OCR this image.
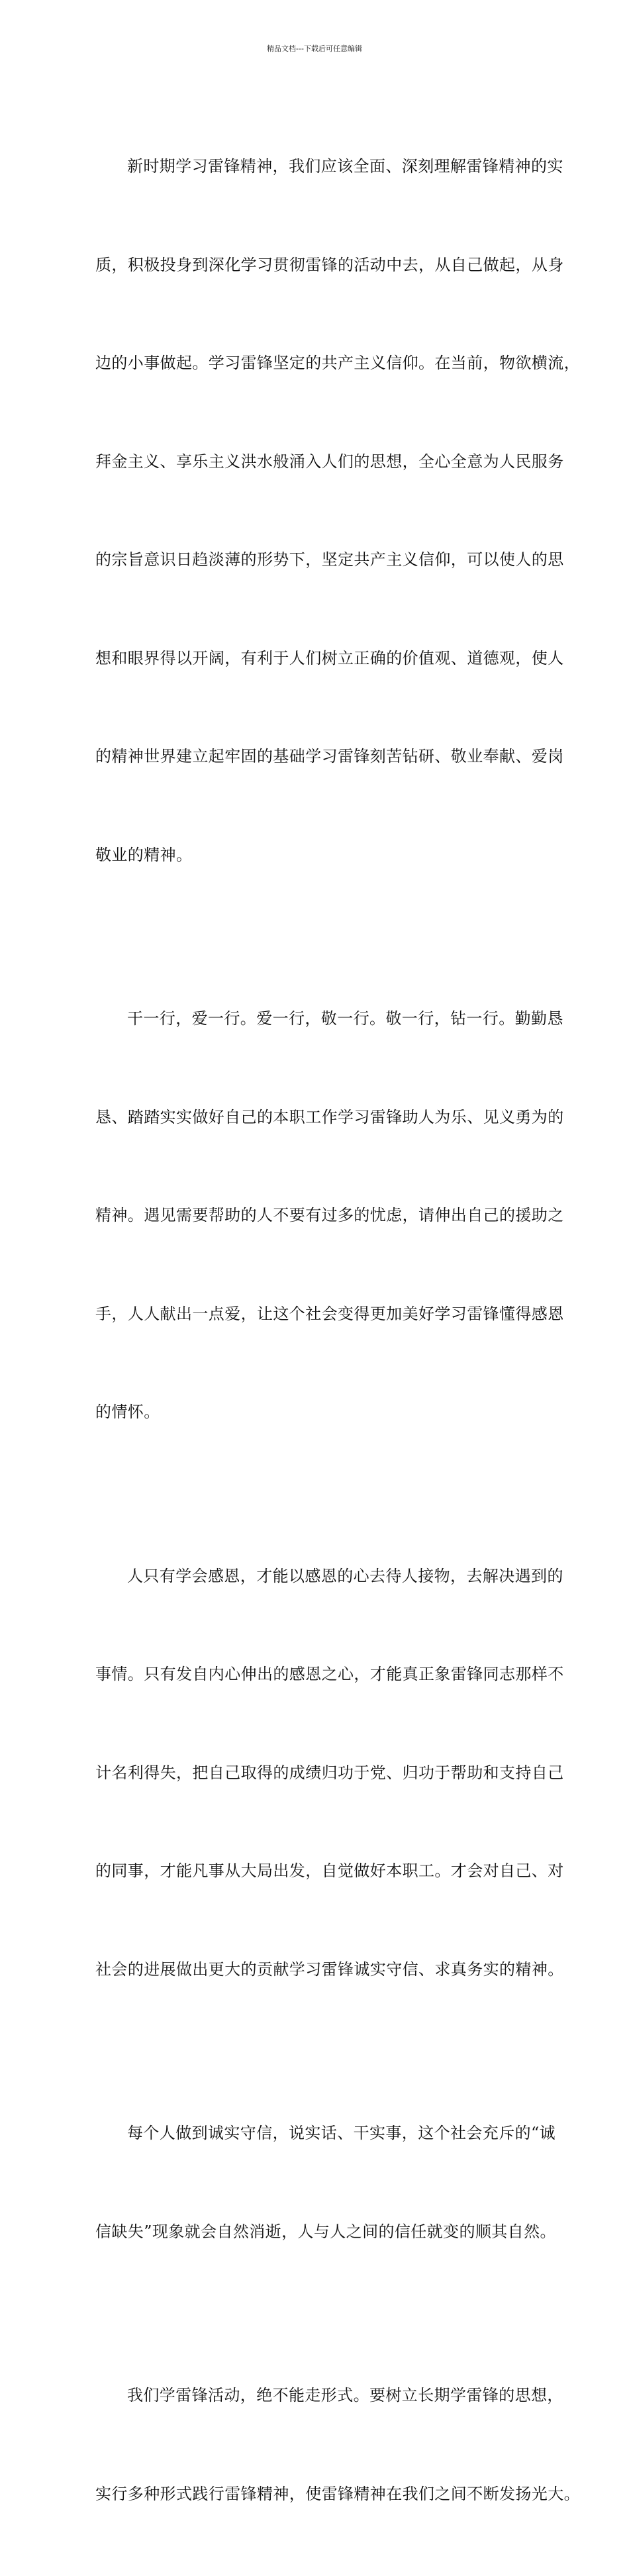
精品文档---下载后可任意编辑

新时期学习雷锋精神，我们应该全面、深刻理解雷锋精神的实

质，积极投身到深化学习贯彻雷锋的活动中去，从自己做起，从身

边的小事做起。学习雷锋坚定的共产主义信仰。在当前，物欲横流，

拜金主义、享乐主义洪水般涌入人们的思想，全心全意为人民服务

的宗旨意识日趋淡薄的形势下，坚定共产主义信仰，可以使人的思

想和眼界得以开阔，有利于人们树立正确的价值观、道德观，使人

的精神世界建立起牢固的基础学习雷锋刻苦钻研、敬业奉献、爱岗

敬业的精神。

干一行，爱一行。爱一行，敬一行。敬一行，钻一行。勤勤恳

恳、踏踏实实做好自己的本职工作学习雷锋助人为乐、见义勇为的

精神。遇见需要帮助的人不要有过多的忧虑，请伸出自己的援助之

手，人人献出一点爱，让这个社会变得更加美好学习雷锋懂得感恩

的情怀。

人只有学会感恩，才能以感恩的心去待人接物，去解决遇到的

事情。只有发自内心伸出的感恩之心，才能真正象雷锋同志那样不

计名利得失，把自己取得的成绩归功于党、归功于帮助和支持自己

的同事，才能凡事从大局出发，自觉做好本职工。才会对自己、对

社会的进展做出更大的贡献学习雷锋诚实守信、求真务实的精神。

每个人做到诚实守信，说实话、干实事，这个社会充斥的“诚

信缺失”现象就会自然消逝，人与人之间的信任就变的顺其自然。

我们学雷锋活动，绝不能走形式。要树立长期学雷锋的思想，

实行多种形式践行雷锋精神，使雷锋精神在我们之间不断发扬光大。
